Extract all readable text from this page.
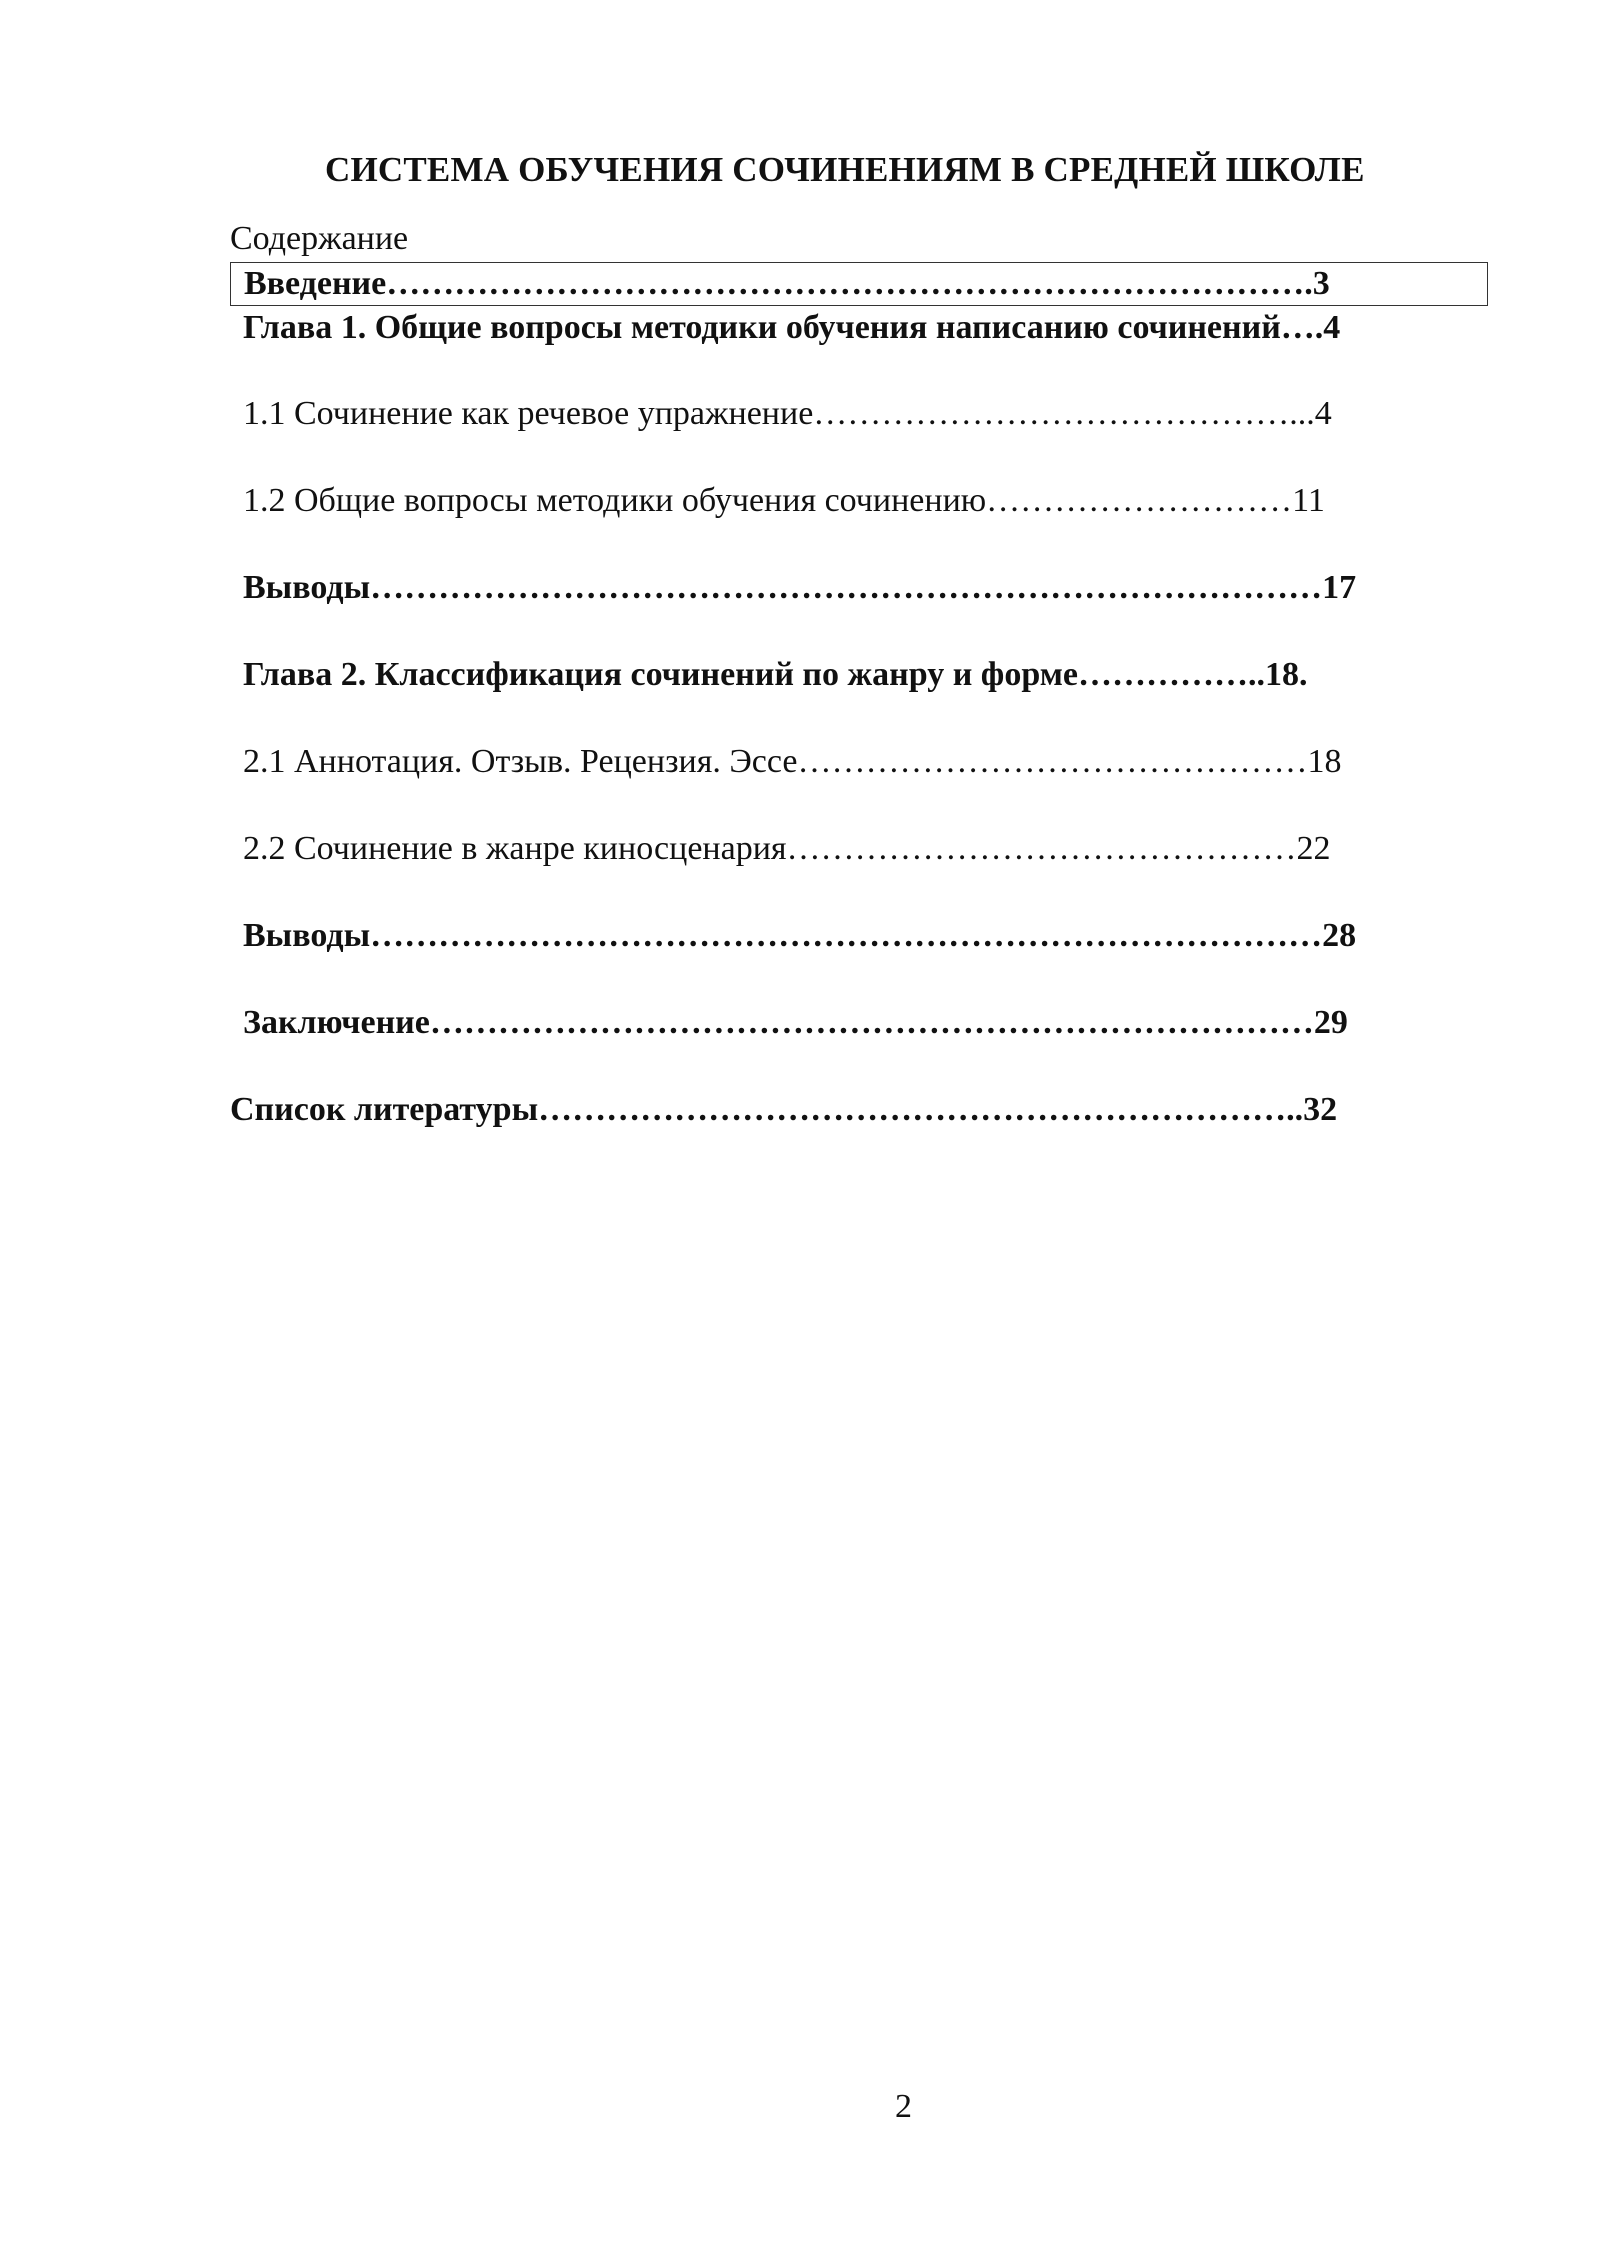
СИСТЕМА ОБУЧЕНИЯ СОЧИНЕНИЯМ В СРЕДНЕЙ ШКОЛЕ
Содержание
Введение……………………………………………………………………….3
Глава 1. Общие вопросы методики обучения написанию сочинений….4
1.1 Сочинение как речевое упражнение……………………………………...4
1.2 Общие вопросы методики обучения сочинению………………………11
Выводы…………………………………………………………………………17
Глава 2. Классификация сочинений по жанру и форме……………..18.
2.1 Аннотация. Отзыв. Рецензия. Эссе………………………………………18
2.2 Сочинение в жанре киносценария………………………………………22
Выводы…………………………………………………………………………28
Заключение……………………………………………………………………29
Список литературы…………………………………………………………..32
2
